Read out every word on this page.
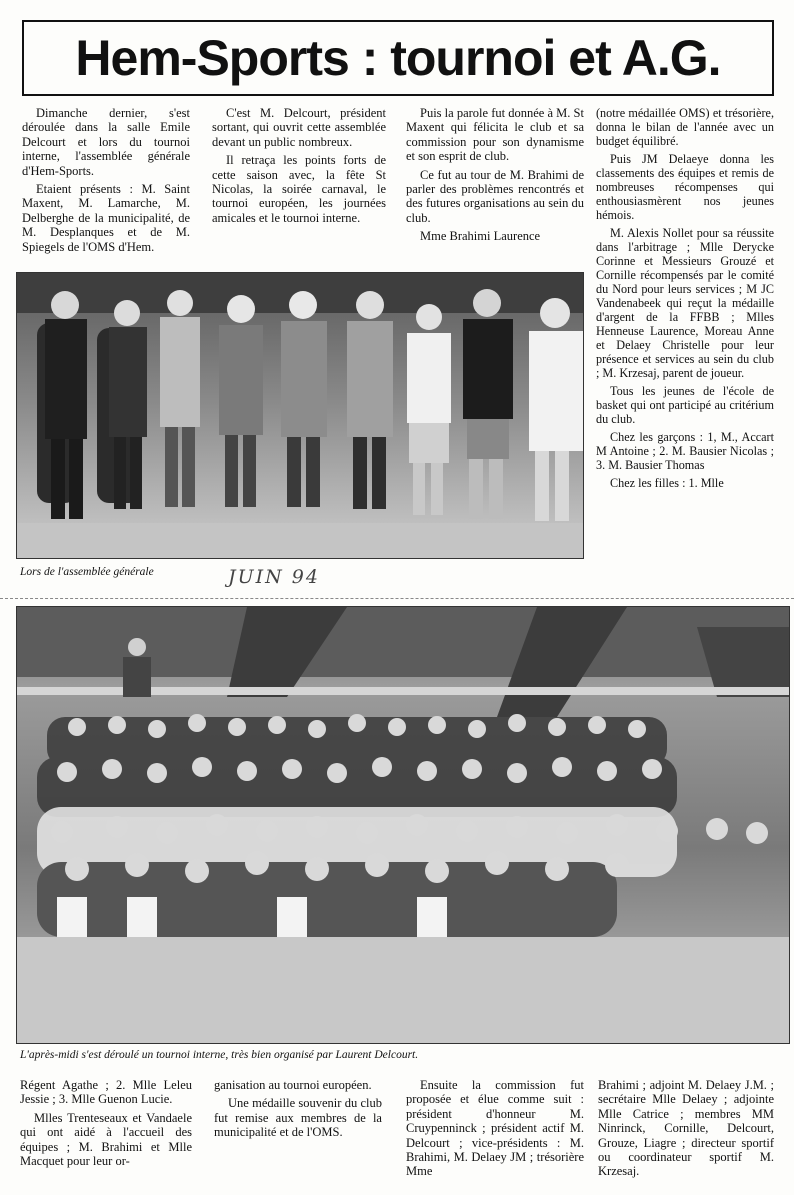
Hem-Sports : tournoi et A.G.

Dimanche dernier, s'est déroulée dans la salle Emile Delcourt et lors du tournoi interne, l'assemblée générale d'Hem-Sports.

Etaient présents : M. Saint Maxent, M. Lamarche, M. Delberghe de la municipalité, de M. Desplanques et de M. Spiegels de l'OMS d'Hem.

C'est M. Delcourt, président sortant, qui ouvrit cette assemblée devant un public nombreux.

Il retraça les points forts de cette saison avec, la fête St Nicolas, la soirée carnaval, le tournoi européen, les journées amicales et le tournoi interne.

Puis la parole fut donnée à M. St Maxent qui félicita le club et sa commission pour son dynamisme et son esprit de club.

Ce fut au tour de M. Brahimi de parler des problèmes rencontrés et des futures organisations au sein du club.

Mme Brahimi Laurence

(notre médaillée OMS) et trésorière, donna le bilan de l'année avec un budget équilibré.

Puis JM Delaeye donna les classements des équipes et remis de nombreuses récompenses qui enthousiasmèrent nos jeunes hémois.

M. Alexis Nollet pour sa réussite dans l'arbitrage ; Mlle Derycke Corinne et Messieurs Grouzé et Cornille récompensés par le comité du Nord pour leurs services ; M JC Vandenabeek qui reçut la médaille d'argent de la FFBB ; Mlles Henneuse Laurence, Moreau Anne et Delaey Christelle pour leur présence et services au sein du club ; M. Krzesaj, parent de joueur.

Tous les jeunes de l'école de basket qui ont participé au critérium du club.

Chez les garçons : 1, M., Accart M Antoine ; 2. M. Bausier Nicolas ; 3. M. Bausier Thomas

Chez les filles : 1. Mlle

Lors de l'assemblée générale	JUIN 94
L'après-midi s'est déroulé un tournoi interne, très bien organisé par Laurent Delcourt.

Régent Agathe ; 2. Mlle Leleu Jessie ; 3. Mlle Guenon Lucie.

Mlles Trenteseaux et Vandaele qui ont aidé à l'accueil des équipes ; M. Brahimi et Mlle Macquet pour leur or-

ganisation au tournoi européen.

Une médaille souvenir du club fut remise aux membres de la municipalité et de l'OMS.

Ensuite la commission fut proposée et élue comme suit : président d'honneur M. Cruypenninck ; président actif M. Delcourt ; vice-présidents : M. Brahimi, M. Delaey JM ; trésorière Mme

Brahimi ; adjoint M. Delaey J.M. ; secrétaire Mlle Delaey ; adjointe Mlle Catrice ; membres MM Ninrinck, Cornille, Delcourt, Grouze, Liagre ; directeur sportif ou coordinateur sportif M. Krzesaj.
